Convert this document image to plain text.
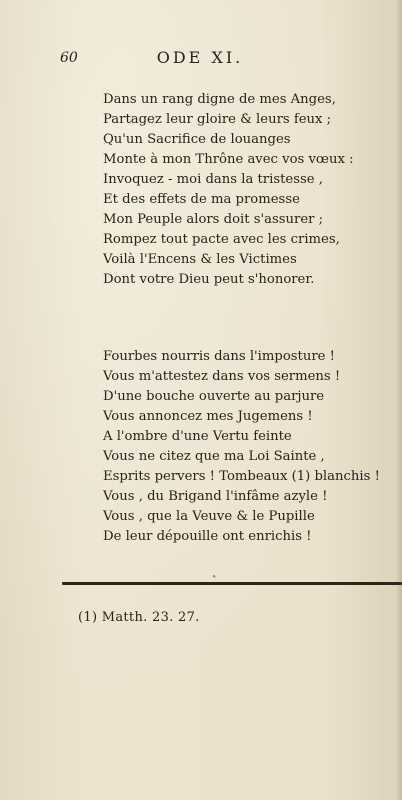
60	ODE XI.
Dans un rang digne de mes Anges,
Partagez leur gloire & leurs feux ;
Qu'un Sacrifice de louanges
Monte à mon Thrône avec vos vœux :
Invoquez - moi dans la tristesse ,
Et des effets de ma promesse
Mon Peuple alors doit s'assurer ;
Rompez tout pacte avec les crimes,
Voilà l'Encens & les Victimes
Dont votre Dieu peut s'honorer.
Fourbes nourris dans l'imposture !
Vous m'attestez dans vos sermens !
D'une bouche ouverte au parjure
Vous annoncez mes Jugemens !
A l'ombre d'une Vertu feinte
Vous ne citez que ma Loi Sainte ,
Esprits pervers ! Tombeaux (1) blanchis !
Vous , du Brigand l'infâme azyle !
Vous , que la Veuve & le Pupille
De leur dépouille ont enrichis !
˄
(1) Matth. 23. 27.
